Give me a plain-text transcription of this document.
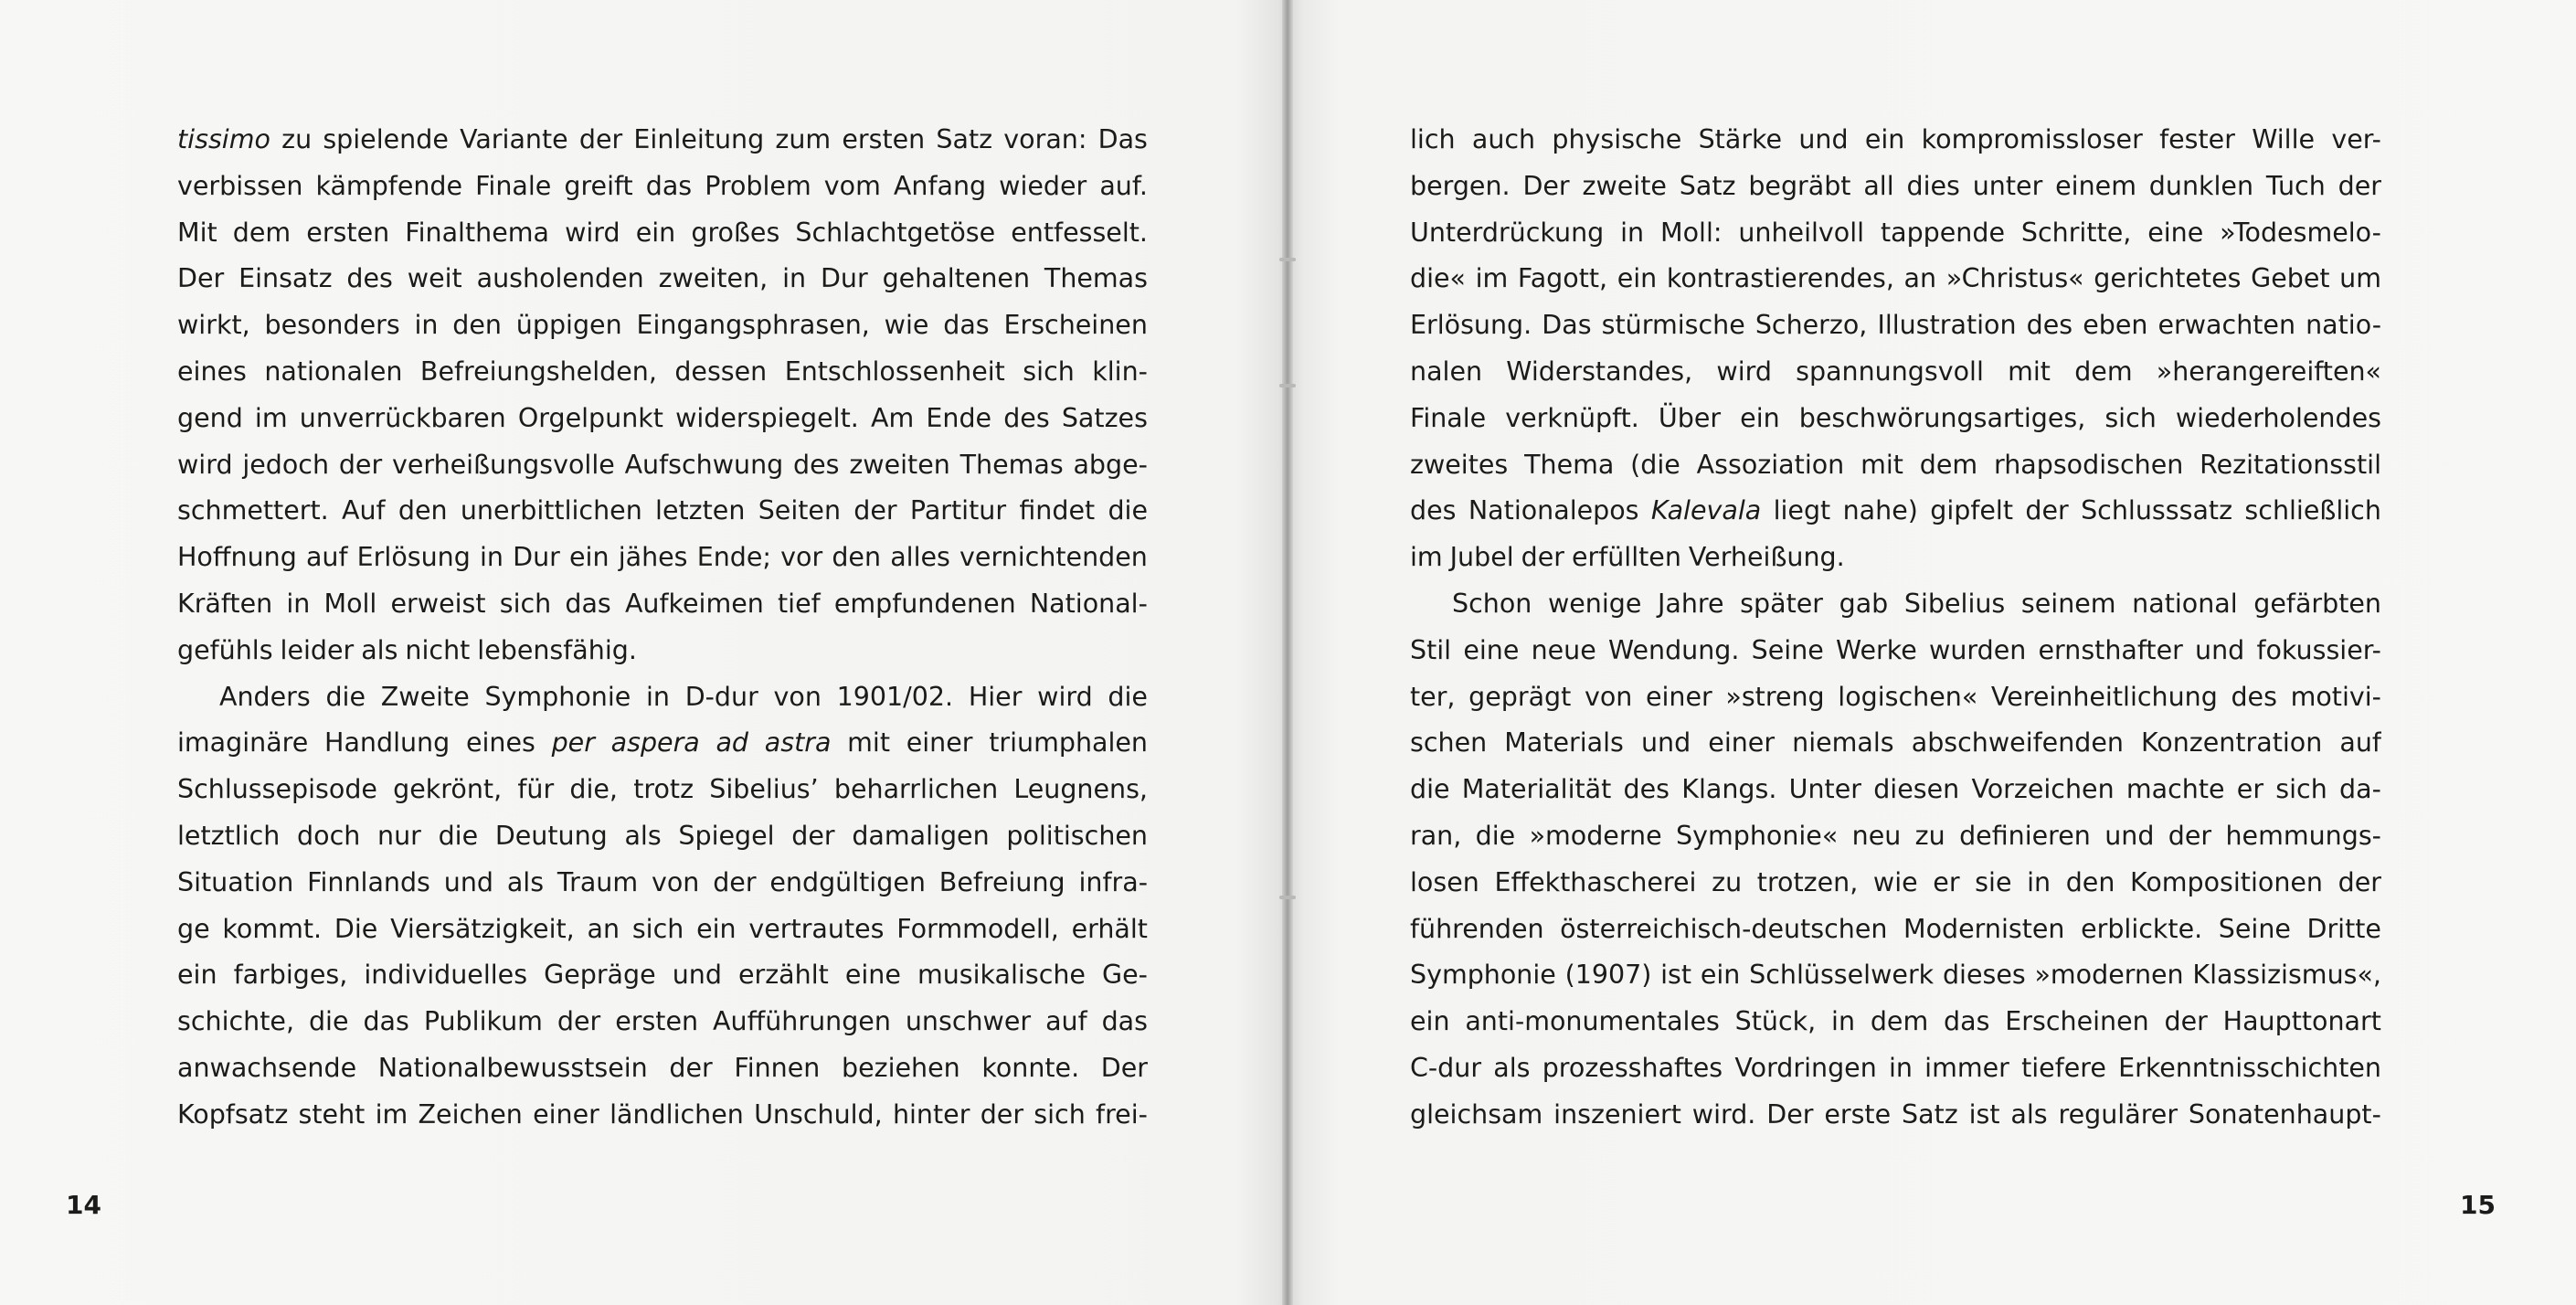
tissimo zu spielende Variante der Einleitung zum ersten Satz voran: Das
verbissen kämpfende Finale greift das Problem vom Anfang wieder auf.
Mit dem ersten Finalthema wird ein großes Schlachtgetöse entfesselt.
Der Einsatz des weit ausholenden zweiten, in Dur gehaltenen Themas
wirkt, besonders in den üppigen Eingangsphrasen, wie das Erscheinen
eines nationalen Befreiungshelden, dessen Entschlossenheit sich klin-
gend im unverrückbaren Orgelpunkt widerspiegelt. Am Ende des Satzes
wird jedoch der verheißungsvolle Aufschwung des zweiten Themas abge-
schmettert. Auf den unerbittlichen letzten Seiten der Partitur findet die
Hoffnung auf Erlösung in Dur ein jähes Ende; vor den alles vernichtenden
Kräften in Moll erweist sich das Aufkeimen tief empfundenen National-
gefühls leider als nicht lebensfähig.
Anders die Zweite Symphonie in D-dur von 1901/02. Hier wird die
imaginäre Handlung eines per aspera ad astra mit einer triumphalen
Schlussepisode gekrönt, für die, trotz Sibelius’ beharrlichen Leugnens,
letztlich doch nur die Deutung als Spiegel der damaligen politischen
Situation Finnlands und als Traum von der endgültigen Befreiung infra-
ge kommt. Die Viersätzigkeit, an sich ein vertrautes Formmodell, erhält
ein farbiges, individuelles Gepräge und erzählt eine musikalische Ge-
schichte, die das Publikum der ersten Aufführungen unschwer auf das
anwachsende Nationalbewusstsein der Finnen beziehen konnte. Der
Kopfsatz steht im Zeichen einer ländlichen Unschuld, hinter der sich frei-
lich auch physische Stärke und ein kompromissloser fester Wille ver-
bergen. Der zweite Satz begräbt all dies unter einem dunklen Tuch der
Unterdrückung in Moll: unheilvoll tappende Schritte, eine »Todesmelo-
die« im Fagott, ein kontrastierendes, an »Christus« gerichtetes Gebet um
Erlösung. Das stürmische Scherzo, Illustration des eben erwachten natio-
nalen Widerstandes, wird spannungsvoll mit dem »herangereiften«
Finale verknüpft. Über ein beschwörungsartiges, sich wiederholendes
zweites Thema (die Assoziation mit dem rhapsodischen Rezitationsstil
des Nationalepos Kalevala liegt nahe) gipfelt der Schlusssatz schließlich
im Jubel der erfüllten Verheißung.
Schon wenige Jahre später gab Sibelius seinem national gefärbten
Stil eine neue Wendung. Seine Werke wurden ernsthafter und fokussier-
ter, geprägt von einer »streng logischen« Vereinheitlichung des motivi-
schen Materials und einer niemals abschweifenden Konzentration auf
die Materialität des Klangs. Unter diesen Vorzeichen machte er sich da-
ran, die »moderne Symphonie« neu zu definieren und der hemmungs-
losen Effekthascherei zu trotzen, wie er sie in den Kompositionen der
führenden österreichisch-deutschen Modernisten erblickte. Seine Dritte
Symphonie (1907) ist ein Schlüsselwerk dieses »modernen Klassizismus«,
ein anti-monumentales Stück, in dem das Erscheinen der Haupttonart
C-dur als prozesshaftes Vordringen in immer tiefere Erkenntnisschichten
gleichsam inszeniert wird. Der erste Satz ist als regulärer Sonatenhaupt-
14	15
